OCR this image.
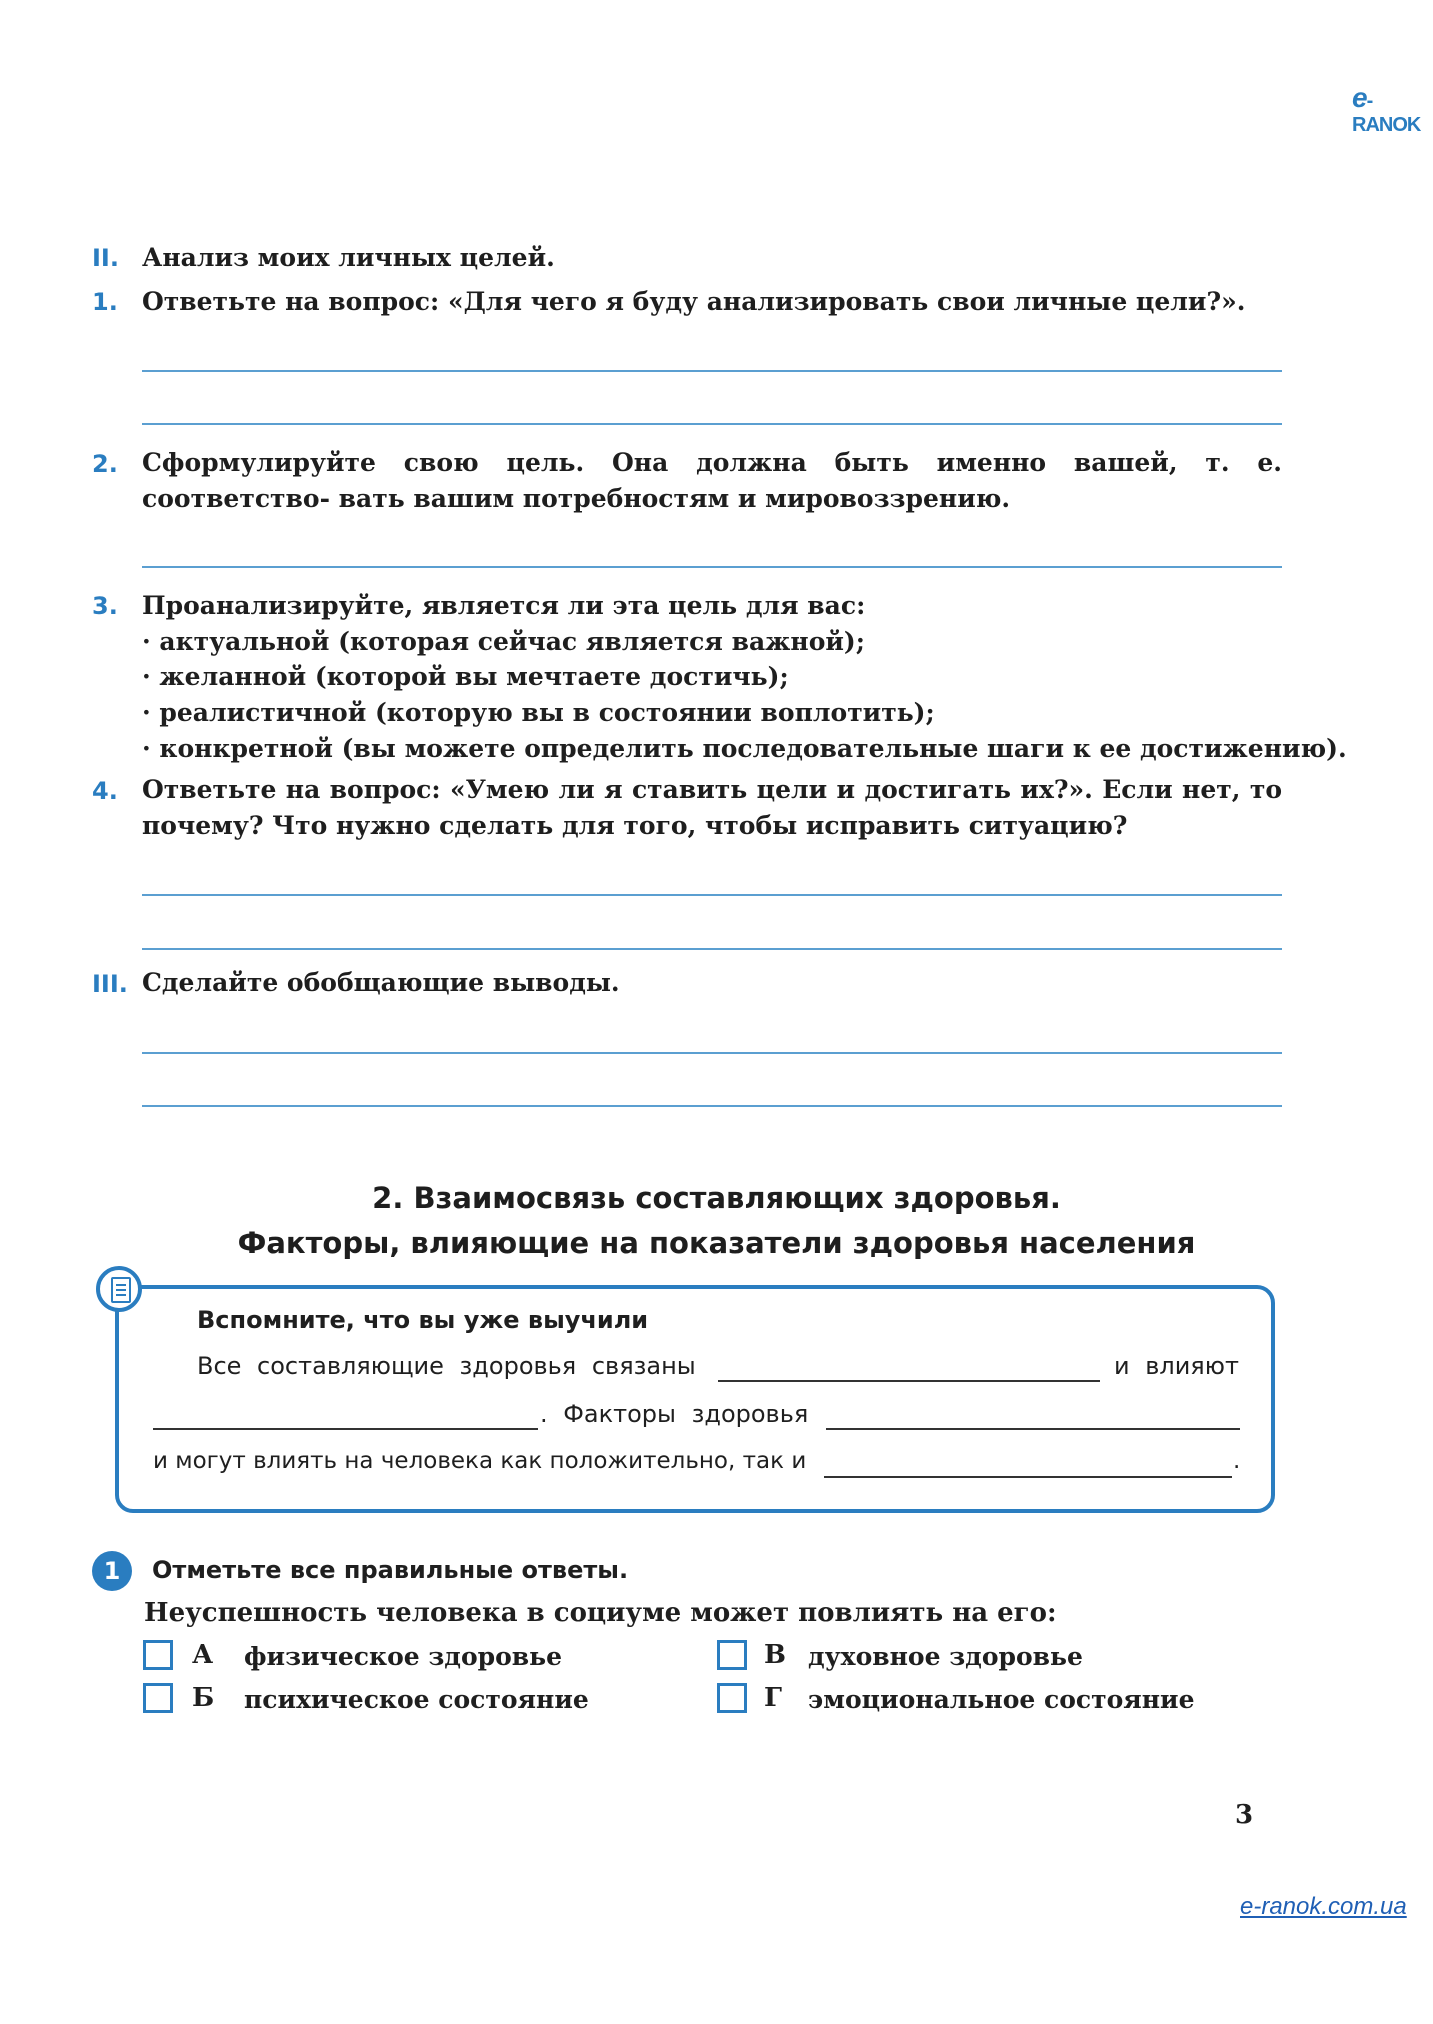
e-RANOK
II. Анализ моих личных целей.
1. Ответьте на вопрос: «Для чего я буду анализировать свои личные цели?».
2. Сформулируйте свою цель. Она должна быть именно вашей, т. е. соответство- вать вашим потребностям и мировоззрению.
3. Проанализируйте, является ли эта цель для вас:
· актуальной (которая сейчас является важной);
· желанной (которой вы мечтаете достичь);
· реалистичной (которую вы в состоянии воплотить);
· конкретной (вы можете определить последовательные шаги к ее достижению).
4. Ответьте на вопрос: «Умею ли я ставить цели и достигать их?». Если нет, то почему? Что нужно сделать для того, чтобы исправить ситуацию?
III. Сделайте обобщающие выводы.
2. Взаимосвязь составляющих здоровья.
Факторы, влияющие на показатели здоровья населения
Вспомните, что вы уже выучили
Все составляющие здоровья связаны	и влияют
. Факторы здоровья
и могут влиять на человека как положительно, так и	.
1	Отметьте все правильные ответы.
Неуспешность человека в социуме может повлиять на его:
А физическое здоровье
Б психическое состояние
В духовное здоровье
Г эмоциональное состояние
3
e-ranok.com.ua
